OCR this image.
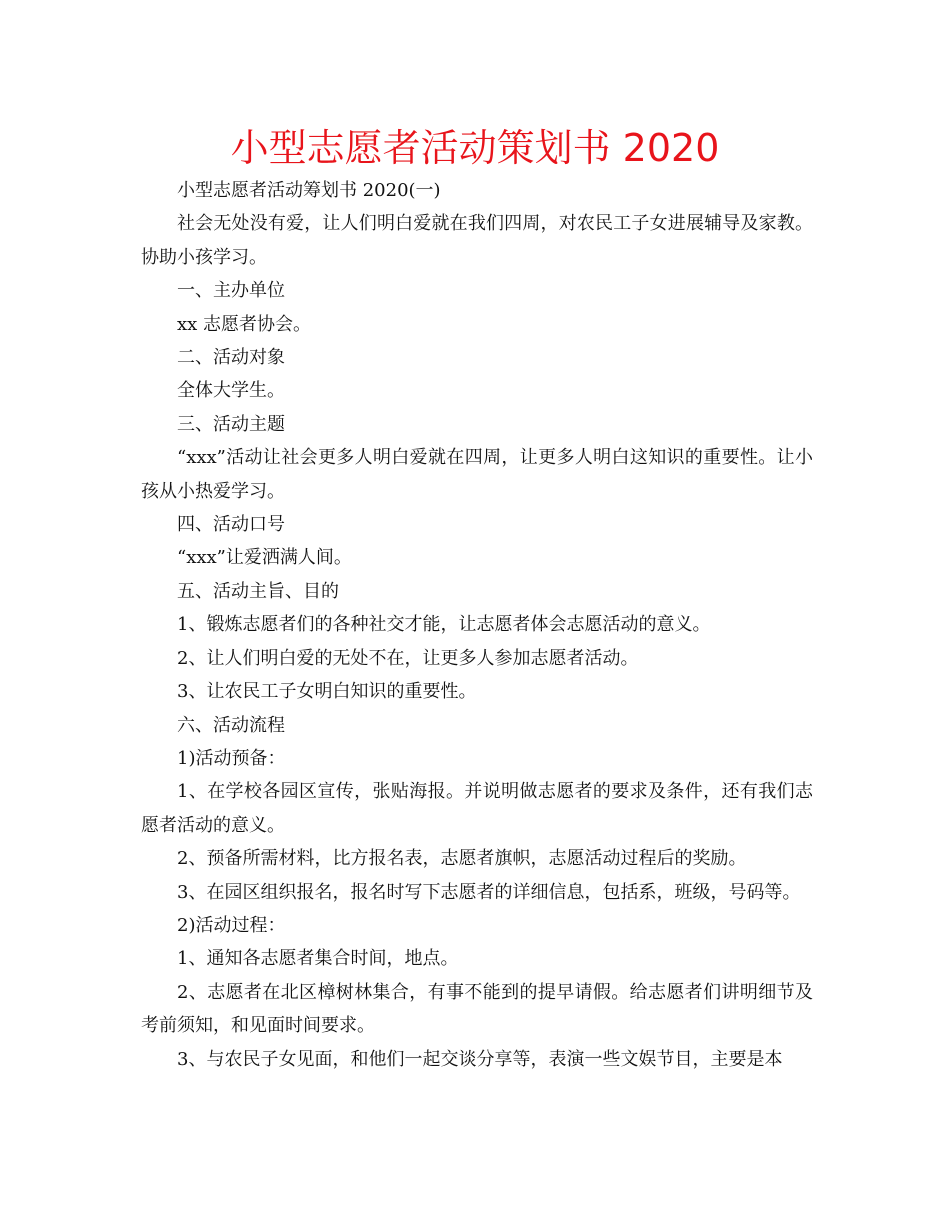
小型志愿者活动策划书 2020

小型志愿者活动筹划书 2020(一)

社会无处没有爱，让人们明白爱就在我们四周，对农民工子女进展辅导及家教。协助小孩学习。

一、主办单位

xx 志愿者协会。

二、活动对象

全体大学生。

三、活动主题

“xxx”活动让社会更多人明白爱就在四周，让更多人明白这知识的重要性。让小孩从小热爱学习。

四、活动口号

“xxx”让爱洒满人间。

五、活动主旨、目的

1、锻炼志愿者们的各种社交才能，让志愿者体会志愿活动的意义。

2、让人们明白爱的无处不在，让更多人参加志愿者活动。

3、让农民工子女明白知识的重要性。

六、活动流程

1)活动预备：

1、在学校各园区宣传，张贴海报。并说明做志愿者的要求及条件，还有我们志愿者活动的意义。

2、预备所需材料，比方报名表，志愿者旗帜，志愿活动过程后的奖励。

3、在园区组织报名，报名时写下志愿者的详细信息，包括系，班级，号码等。

2)活动过程：

1、通知各志愿者集合时间，地点。

2、志愿者在北区樟树林集合，有事不能到的提早请假。给志愿者们讲明细节及考前须知，和见面时间要求。

3、与农民子女见面，和他们一起交谈分享等，表演一些文娱节目，主要是本
